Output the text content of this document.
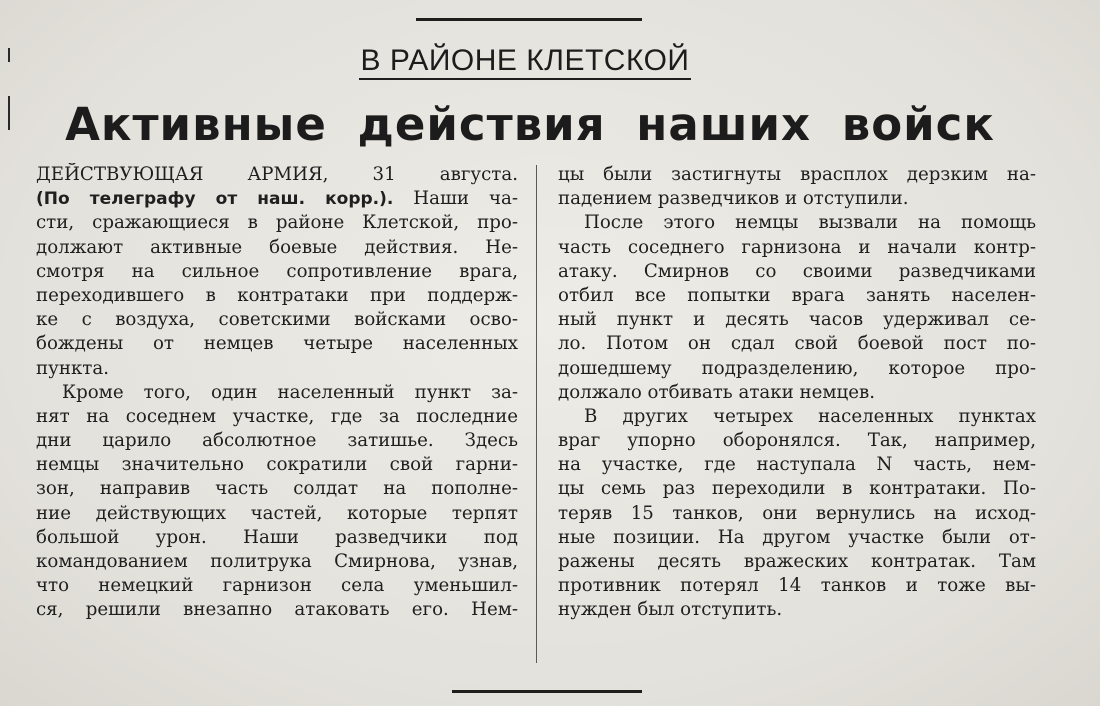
В РАЙОНЕ КЛЕТСКОЙ
Активные действия наших войск
ДЕЙСТВУЮЩАЯ АРМИЯ, 31 августа.
(По телеграфу от наш. корр.). Наши ча-
сти, сражающиеся в районе Клетской, про-
должают активные боевые действия. Не-
смотря на сильное сопротивление врага,
переходившего в контратаки при поддерж-
ке с воздуха, советскими войсками осво-
бождены от немцев четыре населенных
пункта.
Кроме того, один населенный пункт за-
нят на соседнем участке, где за последние
дни царило абсолютное затишье. Здесь
немцы значительно сократили свой гарни-
зон, направив часть солдат на пополне-
ние действующих частей, которые терпят
большой урон. Наши разведчики под
командованием политрука Смирнова, узнав,
что немецкий гарнизон села уменьшил-
ся, решили внезапно атаковать его. Нем-
цы были застигнуты врасплох дерзким на-
падением разведчиков и отступили.
После этого немцы вызвали на помощь
часть соседнего гарнизона и начали контр-
атаку. Смирнов со своими разведчиками
отбил все попытки врага занять населен-
ный пункт и десять часов удерживал се-
ло. Потом он сдал свой боевой пост по-
дошедшему подразделению, которое про-
должало отбивать атаки немцев.
В других четырех населенных пунктах
враг упорно оборонялся. Так, например,
на участке, где наступала N часть, нем-
цы семь раз переходили в контратаки. По-
теряв 15 танков, они вернулись на исход-
ные позиции. На другом участке были от-
ражены десять вражеских контратак. Там
противник потерял 14 танков и тоже вы-
нужден был отступить.
